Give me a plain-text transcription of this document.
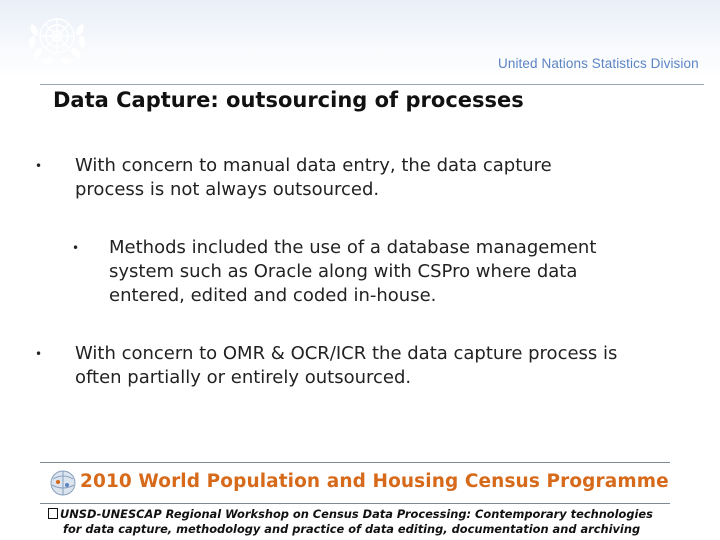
United Nations Statistics Division
Data Capture: outsourcing of processes
• With concern to manual data entry, the data capture
process is not always outsourced.
• Methods included the use of a database management
system such as Oracle along with CSPro where data
entered, edited and coded in-house.
• With concern to OMR & OCR/ICR the data capture process is
often partially or entirely outsourced.
2010 World Population and Housing Census Programme
UNSD-UNESCAP Regional Workshop on Census Data Processing: Contemporary technologies
for data capture, methodology and practice of data editing, documentation and archiving
